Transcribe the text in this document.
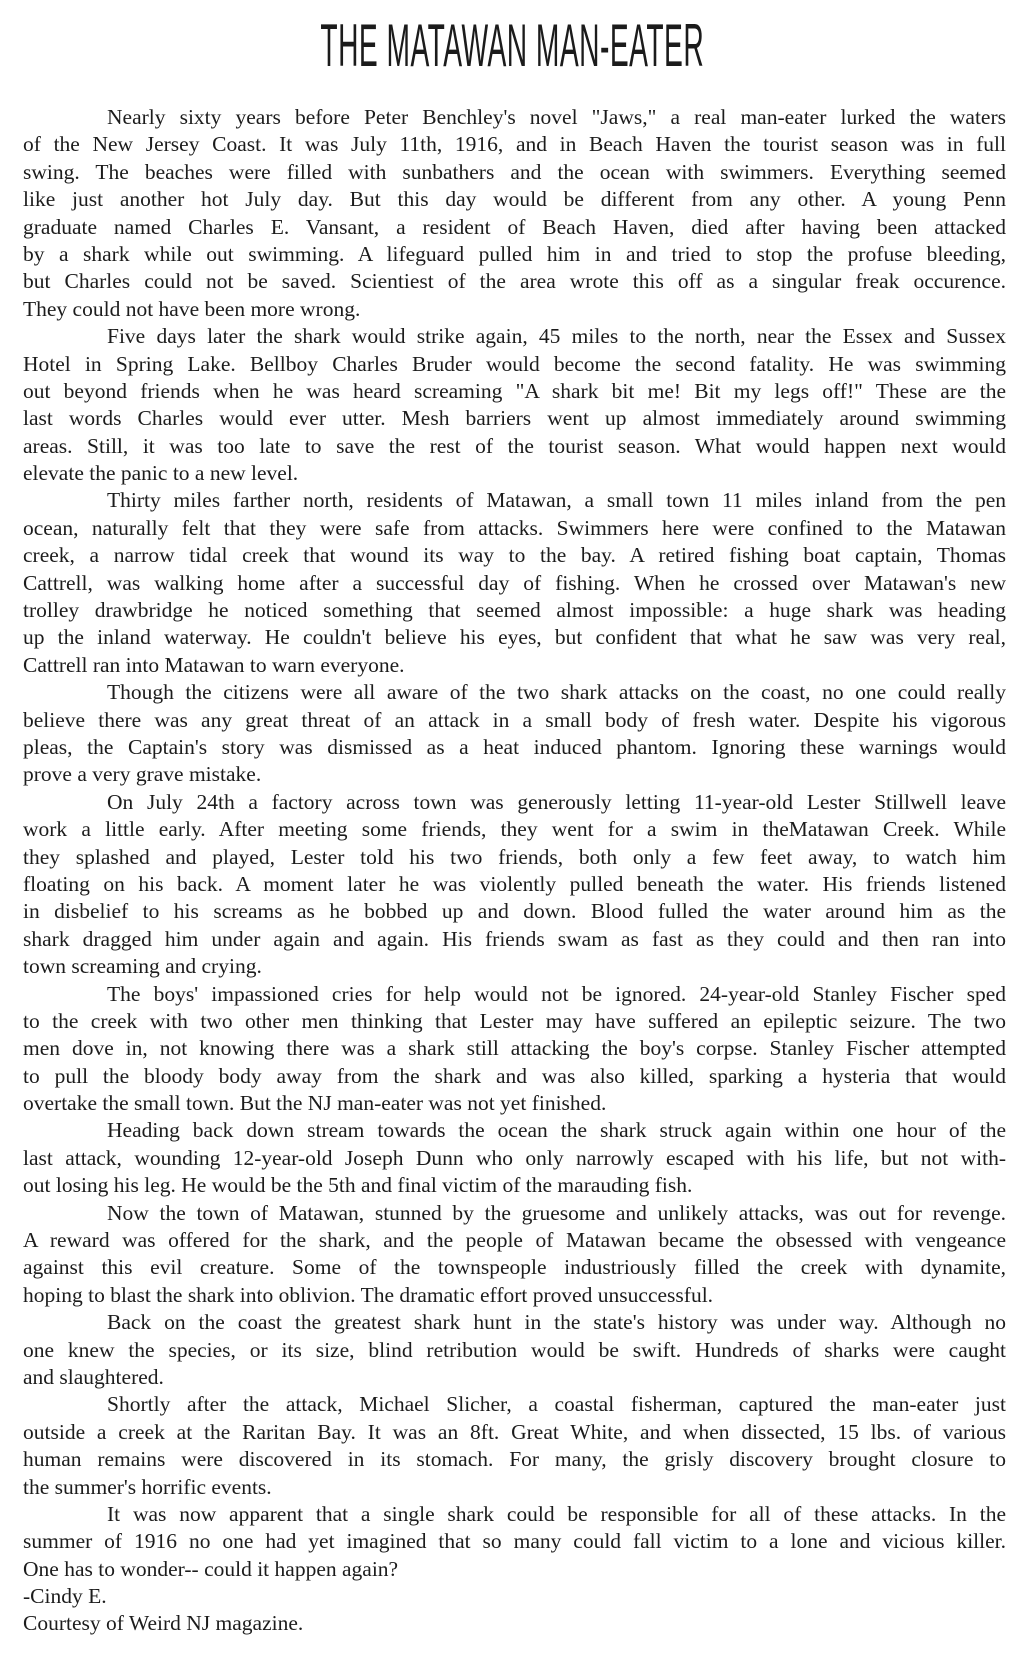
THE MATAWAN MAN-EATER
Nearly sixty years before Peter Benchley's novel "Jaws," a real man-eater lurked the waters
of the New Jersey Coast. It was July 11th, 1916, and in Beach Haven the tourist season was in full
swing. The beaches were filled with sunbathers and the ocean with swimmers. Everything seemed
like just another hot July day. But this day would be different from any other. A young Penn
graduate named Charles E. Vansant, a resident of Beach Haven, died after having been attacked
by a shark while out swimming. A lifeguard pulled him in and tried to stop the profuse bleeding,
but Charles could not be saved. Scientiest of the area wrote this off as a singular freak occurence.
They could not have been more wrong.
Five days later the shark would strike again, 45 miles to the north, near the Essex and Sussex
Hotel in Spring Lake. Bellboy Charles Bruder would become the second fatality. He was swimming
out beyond friends when he was heard screaming "A shark bit me! Bit my legs off!" These are the
last words Charles would ever utter. Mesh barriers went up almost immediately around swimming
areas. Still, it was too late to save the rest of the tourist season. What would happen next would
elevate the panic to a new level.
Thirty miles farther north, residents of Matawan, a small town 11 miles inland from the pen
ocean, naturally felt that they were safe from attacks. Swimmers here were confined to the Matawan
creek, a narrow tidal creek that wound its way to the bay. A retired fishing boat captain, Thomas
Cattrell, was walking home after a successful day of fishing. When he crossed over Matawan's new
trolley drawbridge he noticed something that seemed almost impossible: a huge shark was heading
up the inland waterway. He couldn't believe his eyes, but confident that what he saw was very real,
Cattrell ran into Matawan to warn everyone.
Though the citizens were all aware of the two shark attacks on the coast, no one could really
believe there was any great threat of an attack in a small body of fresh water. Despite his vigorous
pleas, the Captain's story was dismissed as a heat induced phantom. Ignoring these warnings would
prove a very grave mistake.
On July 24th a factory across town was generously letting 11-year-old Lester Stillwell leave
work a little early. After meeting some friends, they went for a swim in theMatawan Creek. While
they splashed and played, Lester told his two friends, both only a few feet away, to watch him
floating on his back. A moment later he was violently pulled beneath the water. His friends listened
in disbelief to his screams as he bobbed up and down. Blood fulled the water around him as the
shark dragged him under again and again. His friends swam as fast as they could and then ran into
town screaming and crying.
The boys' impassioned cries for help would not be ignored. 24-year-old Stanley Fischer sped
to the creek with two other men thinking that Lester may have suffered an epileptic seizure. The two
men dove in, not knowing there was a shark still attacking the boy's corpse. Stanley Fischer attempted
to pull the bloody body away from the shark and was also killed, sparking a hysteria that would
overtake the small town. But the NJ man-eater was not yet finished.
Heading back down stream towards the ocean the shark struck again within one hour of the
last attack, wounding 12-year-old Joseph Dunn who only narrowly escaped with his life, but not with-
out losing his leg. He would be the 5th and final victim of the marauding fish.
Now the town of Matawan, stunned by the gruesome and unlikely attacks, was out for revenge.
A reward was offered for the shark, and the people of Matawan became the obsessed with vengeance
against this evil creature. Some of the townspeople industriously filled the creek with dynamite,
hoping to blast the shark into oblivion. The dramatic effort proved unsuccessful.
Back on the coast the greatest shark hunt in the state's history was under way. Although no
one knew the species, or its size, blind retribution would be swift. Hundreds of sharks were caught
and slaughtered.
Shortly after the attack, Michael Slicher, a coastal fisherman, captured the man-eater just
outside a creek at the Raritan Bay. It was an 8ft. Great White, and when dissected, 15 lbs. of various
human remains were discovered in its stomach. For many, the grisly discovery brought closure to
the summer's horrific events.
It was now apparent that a single shark could be responsible for all of these attacks. In the
summer of 1916 no one had yet imagined that so many could fall victim to a lone and vicious killer.
One has to wonder-- could it happen again?
-Cindy E.
Courtesy of Weird NJ magazine.
